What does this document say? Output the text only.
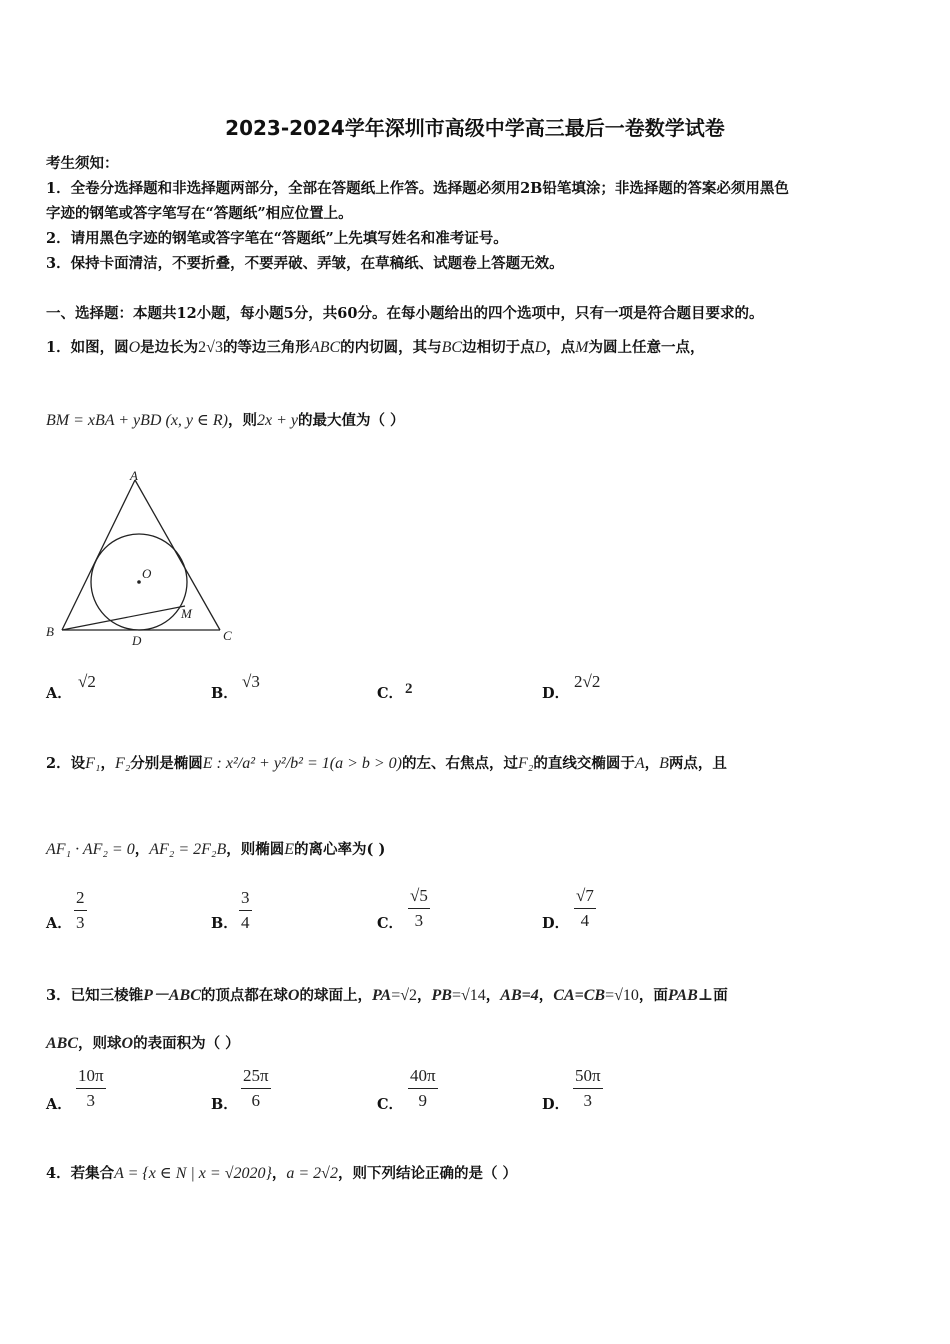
2023-2024学年深圳市高级中学高三最后一卷数学试卷
考生须知：
1．全卷分选择题和非选择题两部分，全部在答题纸上作答。选择题必须用2B铅笔填涂；非选择题的答案必须用黑色
字迹的钢笔或答字笔写在“答题纸”相应位置上。
2．请用黑色字迹的钢笔或答字笔在“答题纸”上先填写姓名和准考证号。
3．保持卡面清洁，不要折叠，不要弄破、弄皱，在草稿纸、试题卷上答题无效。
一、选择题：本题共12小题，每小题5分，共60分。在每小题给出的四个选项中，只有一项是符合题目要求的。
1．如图，圆O是边长为2√3的等边三角形ABC的内切圆，其与BC边相切于点D，点M为圆上任意一点，
BM = xBA + yBD (x, y ∈ R)，则2x + y的最大值为（ ）
A
B	C
D
O
M
A．
√2
B．
√3
C． 2	D．
2√2
2．设F₁，F₂分别是椭圆E : x²/a² + y²/b² = 1(a > b > 0)的左、右焦点，过F₂的直线交椭圆于A，B两点，且
AF₁ · AF₂ = 0，AF₂ = 2F₂B，则椭圆E的离心率为( )
A． $\frac{2}{3}$	B． $\frac{3}{4}$	C． $\frac{√5}{3}$	D． $\frac{√7}{4}$
3．已知三棱锥P－ABC的顶点都在球O的球面上，PA=√2，PB=√14，AB=4，CA=CB=√10，面PAB⊥面
ABC，则球O的表面积为（ ）
A． $\frac{10\pi}{3}$	B． $\frac{25\pi}{6}$	C． $\frac{40\pi}{9}$	D． $\frac{50\pi}{3}$
4．若集合A = {x ∈ N | x = √2020}，a = 2√2，则下列结论正确的是（ ）
